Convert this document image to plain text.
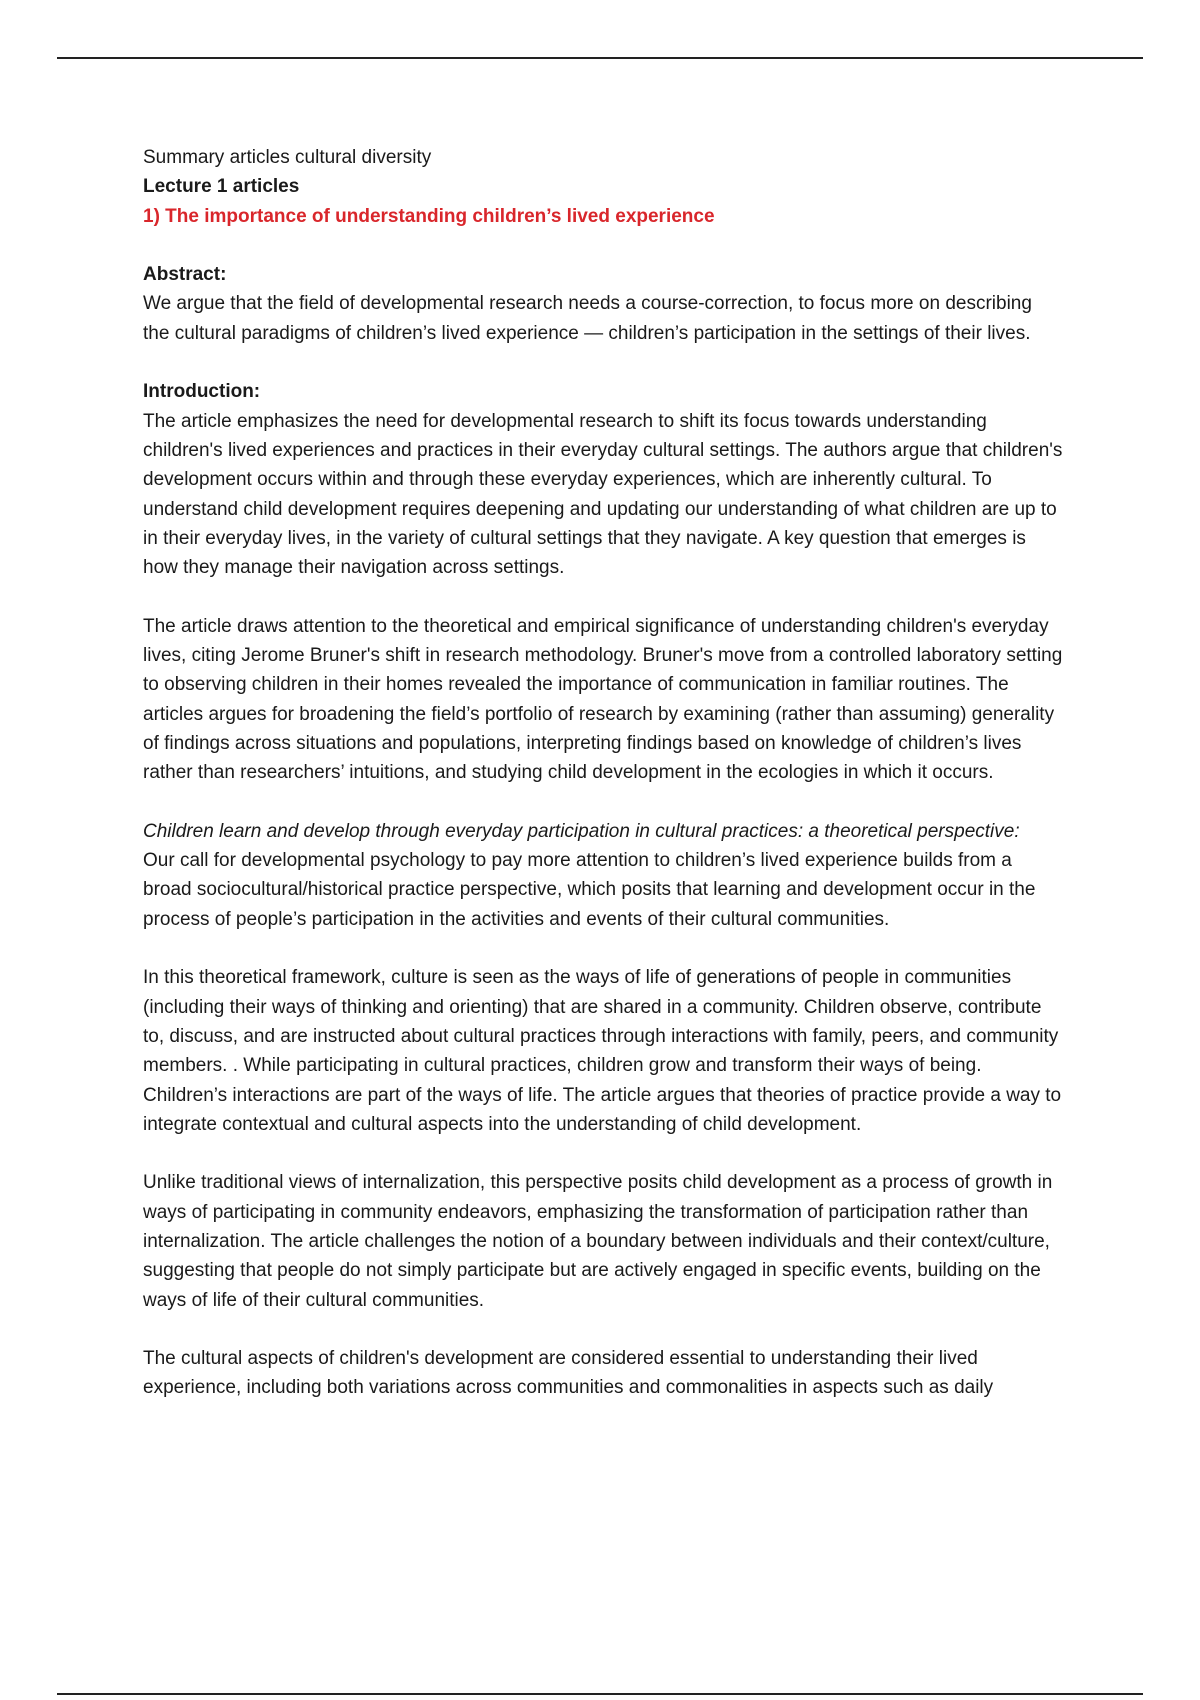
Summary articles cultural diversity

Lecture 1 articles

1) The importance of understanding children’s lived experience

Abstract:

We argue that the field of developmental research needs a course-correction, to focus more on describing the cultural paradigms of children’s lived experience — children’s participation in the settings of their lives.

Introduction:

The article emphasizes the need for developmental research to shift its focus towards understanding children's lived experiences and practices in their everyday cultural settings. The authors argue that children's development occurs within and through these everyday experiences, which are inherently cultural. To understand child development requires deepening and updating our understanding of what children are up to in their everyday lives, in the variety of cultural settings that they navigate. A key question that emerges is how they manage their navigation across settings.

The article draws attention to the theoretical and empirical significance of understanding children's everyday lives, citing Jerome Bruner's shift in research methodology. Bruner's move from a controlled laboratory setting to observing children in their homes revealed the importance of communication in familiar routines. The articles argues for broadening the field’s portfolio of research by examining (rather than assuming) generality of findings across situations and populations, interpreting findings based on knowledge of children’s lives rather than researchers’ intuitions, and studying child development in the ecologies in which it occurs.

Children learn and develop through everyday participation in cultural practices: a theoretical perspective:

Our call for developmental psychology to pay more attention to children’s lived experience builds from a broad sociocultural/historical practice perspective, which posits that learning and development occur in the process of people’s participation in the activities and events of their cultural communities.

In this theoretical framework, culture is seen as the ways of life of generations of people in communities (including their ways of thinking and orienting) that are shared in a community. Children observe, contribute to, discuss, and are instructed about cultural practices through interactions with family, peers, and community members. . While participating in cultural practices, children grow and transform their ways of being. Children’s interactions are part of the ways of life. The article argues that theories of practice provide a way to integrate contextual and cultural aspects into the understanding of child development.

Unlike traditional views of internalization, this perspective posits child development as a process of growth in ways of participating in community endeavors, emphasizing the transformation of participation rather than internalization. The article challenges the notion of a boundary between individuals and their context/culture, suggesting that people do not simply participate but are actively engaged in specific events, building on the ways of life of their cultural communities.

The cultural aspects of children's development are considered essential to understanding their lived experience, including both variations across communities and commonalities in aspects such as daily
